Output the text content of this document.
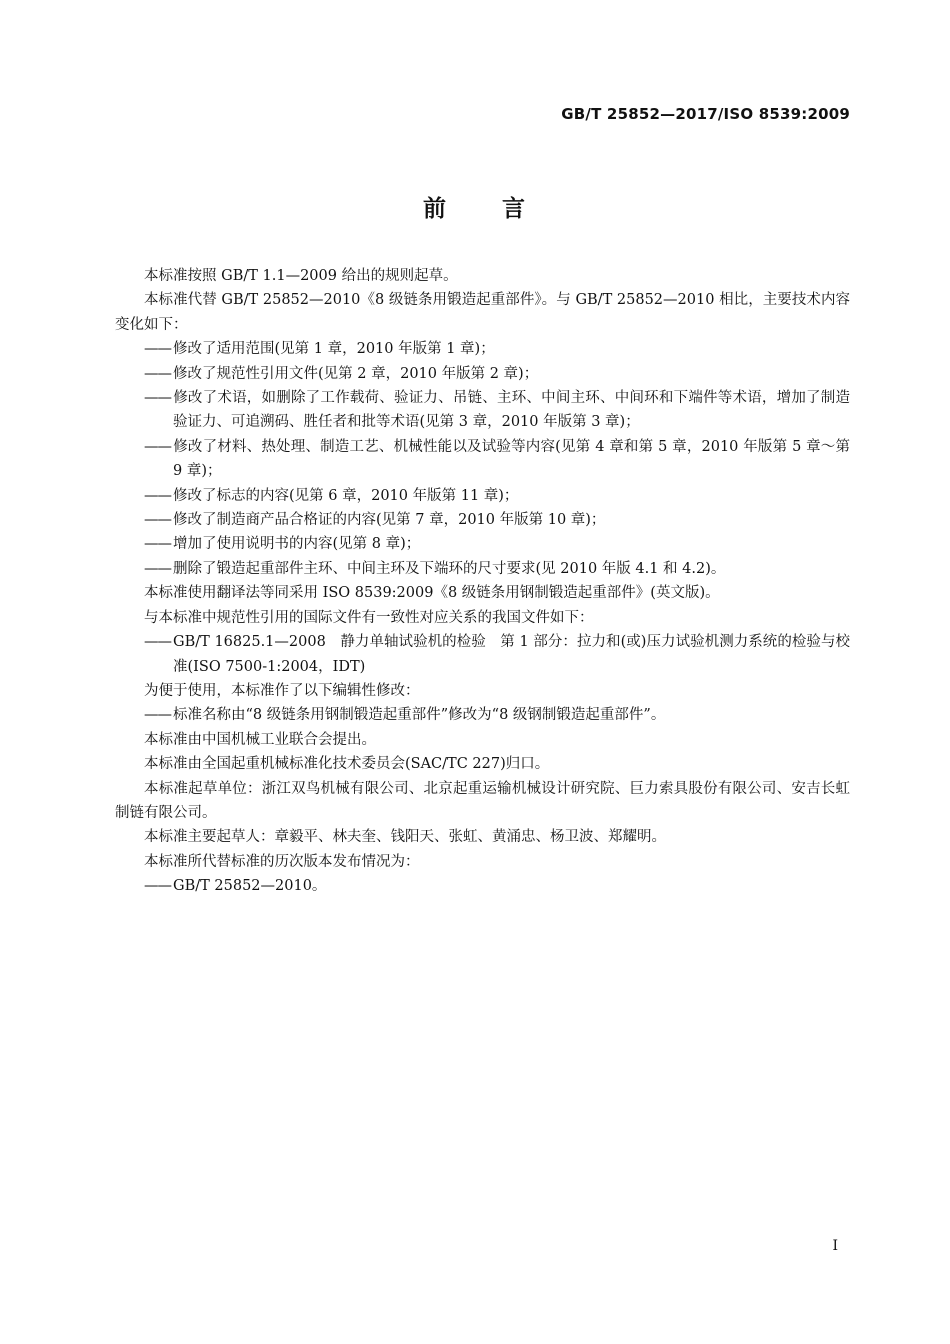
GB/T 25852—2017/ISO 8539:2009
前 言

本标准按照 GB/T 1.1—2009 给出的规则起草。

本标准代替 GB/T 25852—2010《8 级链条用锻造起重部件》。与 GB/T 25852—2010 相比，主要技术内容变化如下：

—— 修改了适用范围(见第 1 章，2010 年版第 1 章)；

—— 修改了规范性引用文件(见第 2 章，2010 年版第 2 章)；

—— 修改了术语，如删除了工作载荷、验证力、吊链、主环、中间主环、中间环和下端件等术语，增加了制造验证力、可追溯码、胜任者和批等术语(见第 3 章，2010 年版第 3 章)；

—— 修改了材料、热处理、制造工艺、机械性能以及试验等内容(见第 4 章和第 5 章，2010 年版第 5 章～第 9 章)；

—— 修改了标志的内容(见第 6 章，2010 年版第 11 章)；

—— 修改了制造商产品合格证的内容(见第 7 章，2010 年版第 10 章)；

—— 增加了使用说明书的内容(见第 8 章)；

—— 删除了锻造起重部件主环、中间主环及下端环的尺寸要求(见 2010 年版 4.1 和 4.2)。

本标准使用翻译法等同采用 ISO 8539:2009《8 级链条用钢制锻造起重部件》(英文版)。

与本标准中规范性引用的国际文件有一致性对应关系的我国文件如下：

—— GB/T 16825.1—2008　静力单轴试验机的检验　第 1 部分：拉力和(或)压力试验机测力系统的检验与校准(ISO 7500-1:2004，IDT)

为便于使用，本标准作了以下编辑性修改：

—— 标准名称由“8 级链条用钢制锻造起重部件”修改为“8 级钢制锻造起重部件”。

本标准由中国机械工业联合会提出。

本标准由全国起重机械标准化技术委员会(SAC/TC 227)归口。

本标准起草单位：浙江双鸟机械有限公司、北京起重运输机械设计研究院、巨力索具股份有限公司、安吉长虹制链有限公司。

本标准主要起草人：章毅平、林夫奎、钱阳天、张虹、黄涌忠、杨卫波、郑耀明。

本标准所代替标准的历次版本发布情况为：

—— GB/T 25852—2010。

I
